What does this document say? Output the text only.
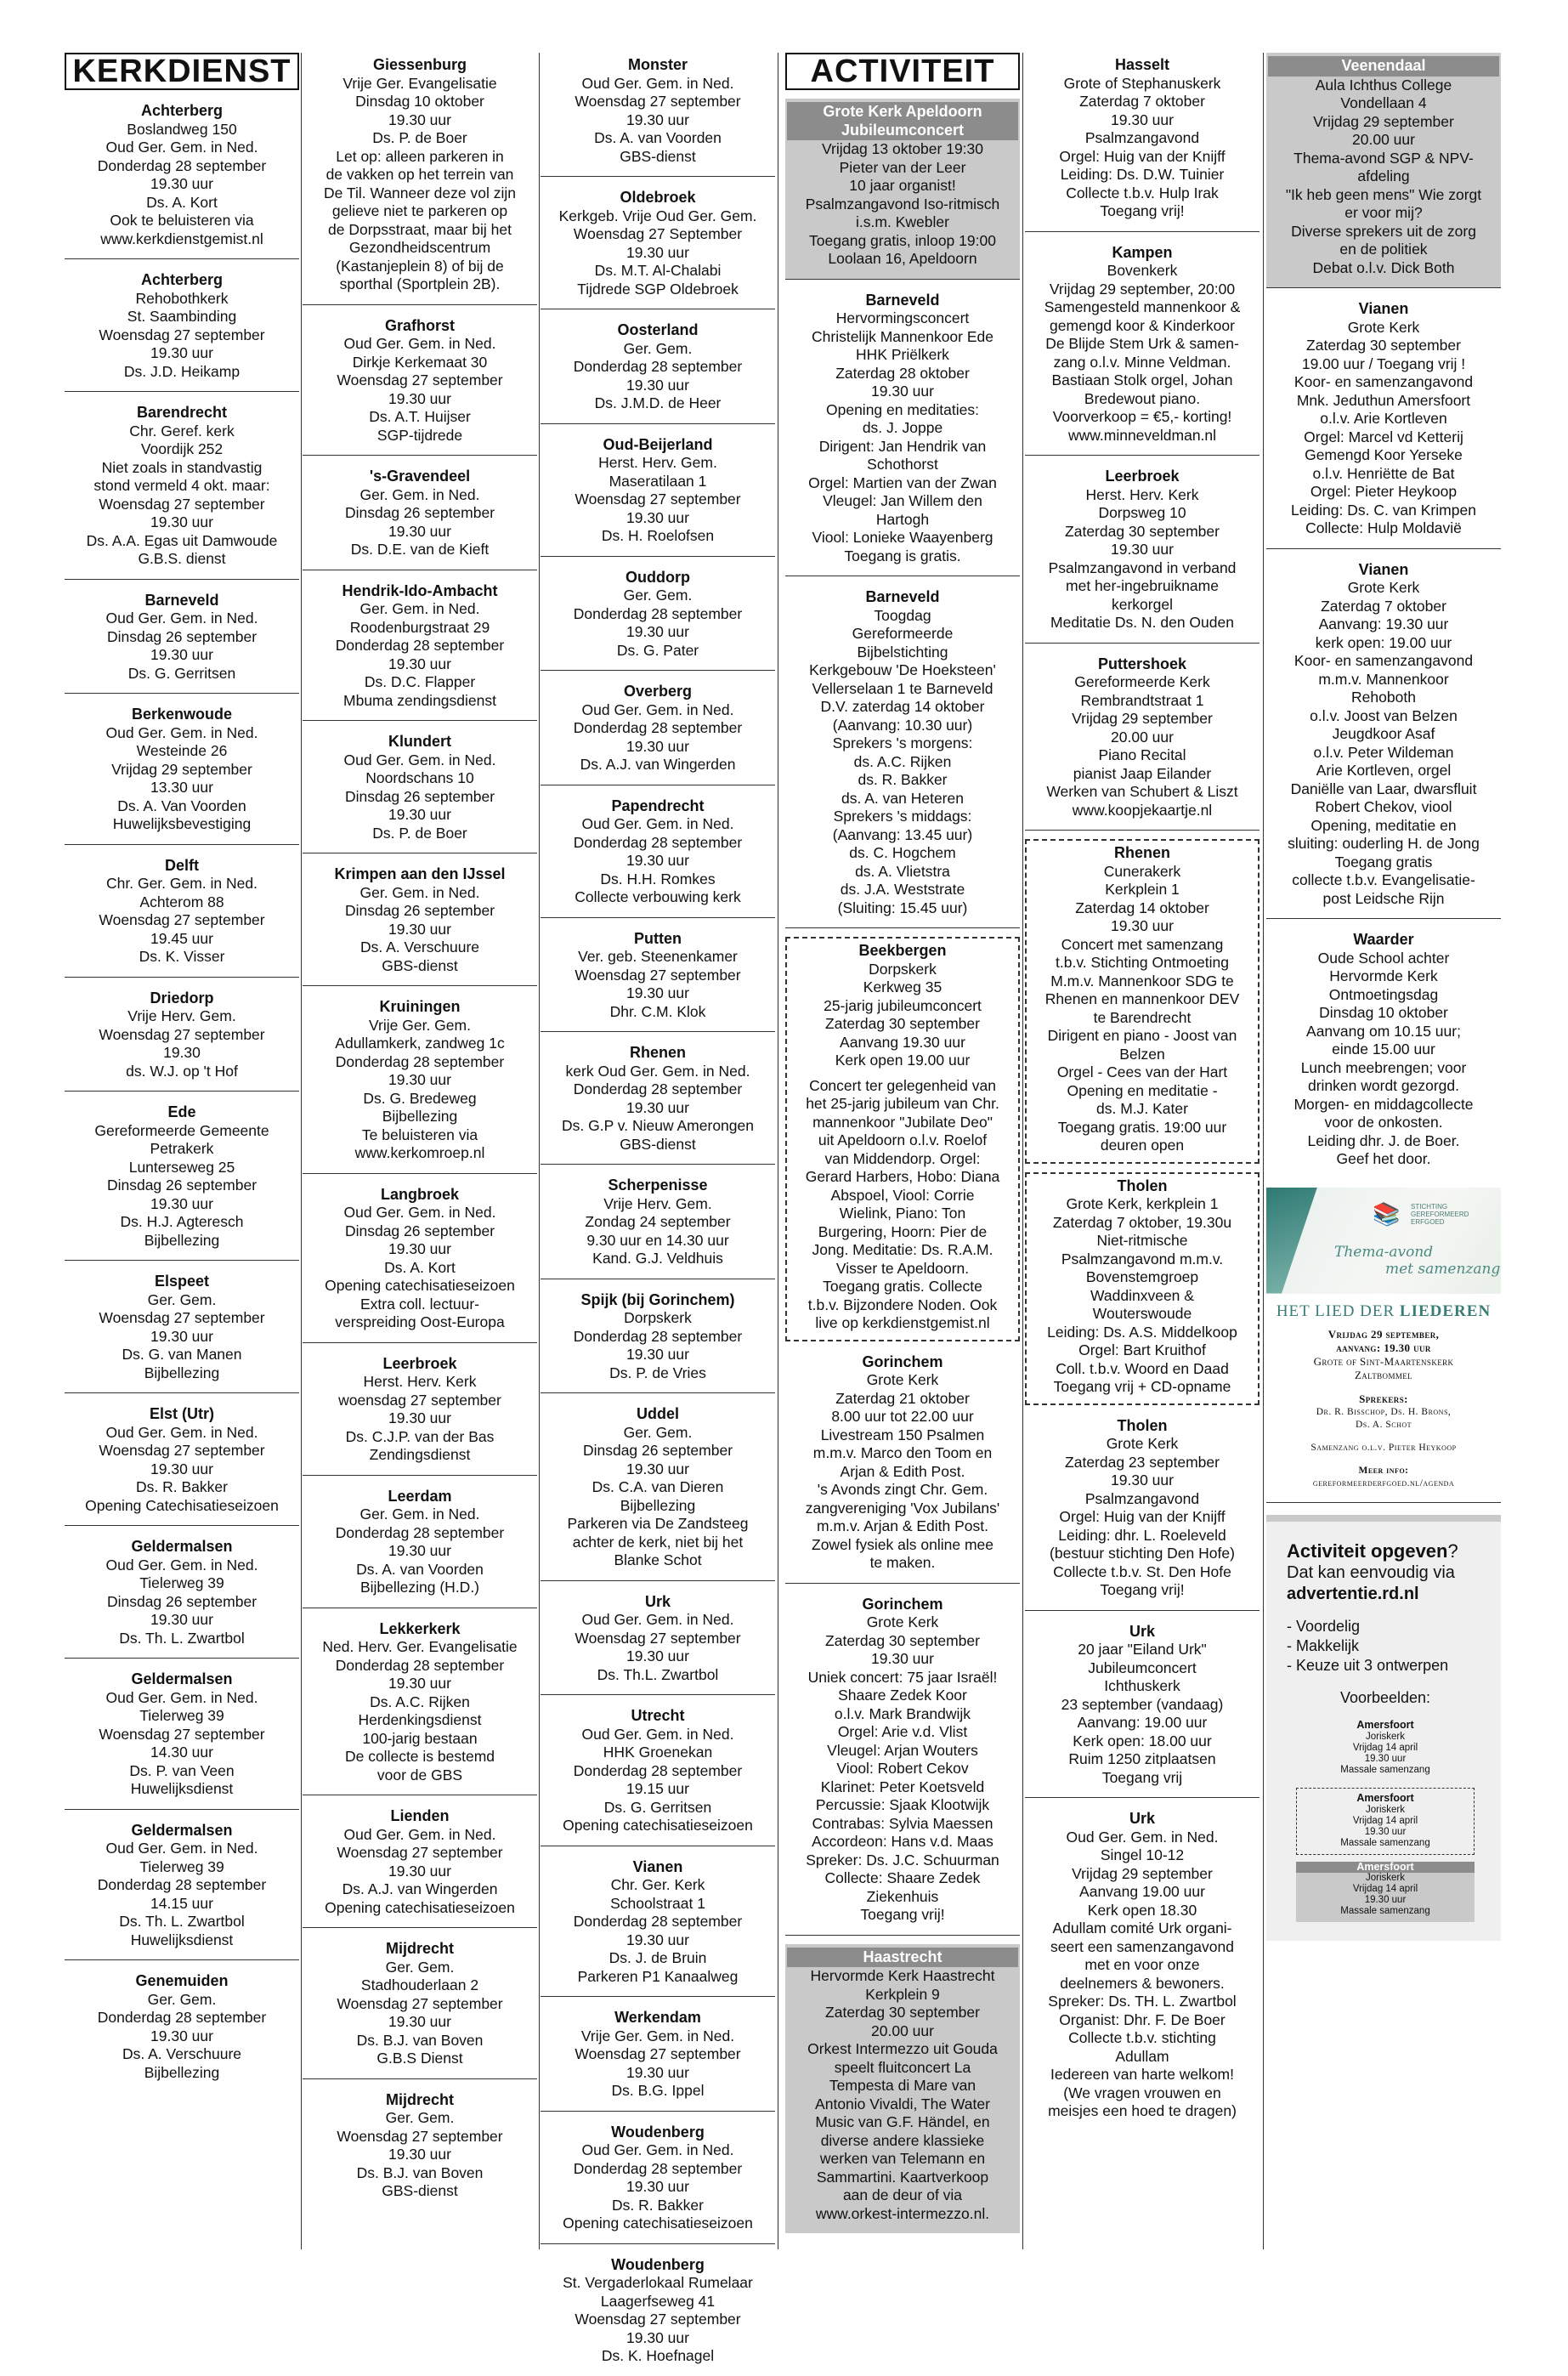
KERKDIENST
Achterberg
Boslandweg 150
Oud Ger. Gem. in Ned.
Donderdag 28 september
19.30 uur
Ds. A. Kort
Ook te beluisteren via
www.kerkdienstgemist.nl
Achterberg
Rehobothkerk
St. Saambinding
Woensdag 27 september
19.30 uur
Ds. J.D. Heikamp
Barendrecht
Chr. Geref. kerk
Voordijk 252
Niet zoals in standvastig
stond vermeld 4 okt. maar:
Woensdag 27 september
19.30 uur
Ds. A.A. Egas uit Damwoude
G.B.S. dienst
Barneveld
Oud Ger. Gem. in Ned.
Dinsdag 26 september
19.30 uur
Ds. G. Gerritsen
Berkenwoude
Oud Ger. Gem. in Ned.
Westeinde 26
Vrijdag 29 september
13.30 uur
Ds. A. Van Voorden
Huwelijksbevestiging
Delft
Chr. Ger. Gem. in Ned.
Achterom 88
Woensdag 27 september
19.45 uur
Ds. K. Visser
Driedorp
Vrije Herv. Gem.
Woensdag 27 september
19.30
ds. W.J. op 't Hof
Ede
Gereformeerde Gemeente
Petrakerk
Lunterseweg 25
Dinsdag 26 september
19.30 uur
Ds. H.J. Agteresch
Bijbellezing
Elspeet
Ger. Gem.
Woensdag 27 september
19.30 uur
Ds. G. van Manen
Bijbellezing
Elst (Utr)
Oud Ger. Gem. in Ned.
Woensdag 27 september
19.30 uur
Ds. R. Bakker
Opening Catechisatieseizoen
Geldermalsen
Oud Ger. Gem. in Ned.
Tielerweg 39
Dinsdag 26 september
19.30 uur
Ds. Th. L. Zwartbol
Geldermalsen
Oud Ger. Gem. in Ned.
Tielerweg 39
Woensdag 27 september
14.30 uur
Ds. P. van Veen
Huwelijksdienst
Geldermalsen
Oud Ger. Gem. in Ned.
Tielerweg 39
Donderdag 28 september
14.15 uur
Ds. Th. L. Zwartbol
Huwelijksdienst
Genemuiden
Ger. Gem.
Donderdag 28 september
19.30 uur
Ds. A. Verschuure
Bijbellezing
Giessenburg
Vrije Ger. Evangelisatie
Dinsdag 10 oktober
19.30 uur
Ds. P. de Boer
Let op: alleen parkeren in
de vakken op het terrein van
De Til. Wanneer deze vol zijn
gelieve niet te parkeren op
de Dorpsstraat, maar bij het
Gezondheidscentrum
(Kastanjeplein 8) of bij de
sporthal (Sportplein 2B).
Grafhorst
Oud Ger. Gem. in Ned.
Dirkje Kerkemaat 30
Woensdag 27 september
19.30 uur
Ds. A.T. Huijser
SGP-tijdrede
's-Gravendeel
Ger. Gem. in Ned.
Dinsdag 26 september
19.30 uur
Ds. D.E. van de Kieft
Hendrik-Ido-Ambacht
Ger. Gem. in Ned.
Roodenburgstraat 29
Donderdag 28 september
19.30 uur
Ds. D.C. Flapper
Mbuma zendingsdienst
Klundert
Oud Ger. Gem. in Ned.
Noordschans 10
Dinsdag 26 september
19.30 uur
Ds. P. de Boer
Krimpen aan den IJssel
Ger. Gem. in Ned.
Dinsdag 26 september
19.30 uur
Ds. A. Verschuure
GBS-dienst
Kruiningen
Vrije Ger. Gem.
Adullamkerk, zandweg 1c
Donderdag 28 september
19.30 uur
Ds. G. Bredeweg
Bijbellezing
Te beluisteren via
www.kerkomroep.nl
Langbroek
Oud Ger. Gem. in Ned.
Dinsdag 26 september
19.30 uur
Ds. A. Kort
Opening catechisatieseizoen
Extra coll. lectuur-
verspreiding Oost-Europa
Leerbroek
Herst. Herv. Kerk
woensdag 27 september
19.30 uur
Ds. C.J.P. van der Bas
Zendingsdienst
Leerdam
Ger. Gem. in Ned.
Donderdag 28 september
19.30 uur
Ds. A. van Voorden
Bijbellezing (H.D.)
Lekkerkerk
Ned. Herv. Ger. Evangelisatie
Donderdag 28 september
19.30 uur
Ds. A.C. Rijken
Herdenkingsdienst
100-jarig bestaan
De collecte is bestemd
voor de GBS
Lienden
Oud Ger. Gem. in Ned.
Woensdag 27 september
19.30 uur
Ds. A.J. van Wingerden
Opening catechisatieseizoen
Mijdrecht
Ger. Gem.
Stadhouderlaan 2
Woensdag 27 september
19.30 uur
Ds. B.J. van Boven
G.B.S Dienst
Mijdrecht
Ger. Gem.
Woensdag 27 september
19.30 uur
Ds. B.J. van Boven
GBS-dienst
Monster
Oud Ger. Gem. in Ned.
Woensdag 27 september
19.30 uur
Ds. A. van Voorden
GBS-dienst
Oldebroek
Kerkgeb. Vrije Oud Ger. Gem.
Woensdag 27 September
19.30 uur
Ds. M.T. Al-Chalabi
Tijdrede SGP Oldebroek
Oosterland
Ger. Gem.
Donderdag 28 september
19.30 uur
Ds. J.M.D. de Heer
Oud-Beijerland
Herst. Herv. Gem.
Maseratilaan 1
Woensdag 27 september
19.30 uur
Ds. H. Roelofsen
Ouddorp
Ger. Gem.
Donderdag 28 september
19.30 uur
Ds. G. Pater
Overberg
Oud Ger. Gem. in Ned.
Donderdag 28 september
19.30 uur
Ds. A.J. van Wingerden
Papendrecht
Oud Ger. Gem. in Ned.
Donderdag 28 september
19.30 uur
Ds. H.H. Romkes
Collecte verbouwing kerk
Putten
Ver. geb. Steenenkamer
Woensdag 27 september
19.30 uur
Dhr. C.M. Klok
Rhenen
kerk Oud Ger. Gem. in Ned.
Donderdag 28 september
19.30 uur
Ds. G.P v. Nieuw Amerongen
GBS-dienst
Scherpenisse
Vrije Herv. Gem.
Zondag 24 september
9.30 uur en 14.30 uur
Kand. G.J. Veldhuis
Spijk (bij Gorinchem)
Dorpskerk
Donderdag 28 september
19.30 uur
Ds. P. de Vries
Uddel
Ger. Gem.
Dinsdag 26 september
19.30 uur
Ds. C.A. van Dieren
Bijbellezing
Parkeren via De Zandsteeg
achter de kerk, niet bij het
Blanke Schot
Urk
Oud Ger. Gem. in Ned.
Woensdag 27 september
19.30 uur
Ds. Th.L. Zwartbol
Utrecht
Oud Ger. Gem. in Ned.
HHK Groenekan
Donderdag 28 september
19.15 uur
Ds. G. Gerritsen
Opening catechisatieseizoen
Vianen
Chr. Ger. Kerk
Schoolstraat 1
Donderdag 28 september
19.30 uur
Ds. J. de Bruin
Parkeren P1 Kanaalweg
Werkendam
Vrije Ger. Gem. in Ned.
Woensdag 27 september
19.30 uur
Ds. B.G. Ippel
Woudenberg
Oud Ger. Gem. in Ned.
Donderdag 28 september
19.30 uur
Ds. R. Bakker
Opening catechisatieseizoen
Woudenberg
St. Vergaderlokaal Rumelaar
Laagerfseweg 41
Woensdag 27 september
19.30 uur
Ds. K. Hoefnagel
ACTIVITEIT
Grote Kerk Apeldoorn Jubileumconcert
Vrijdag 13 oktober 19:30
Pieter van der Leer
10 jaar organist!
Psalmzangavond Iso-ritmisch
i.s.m. Kwebler
Toegang gratis, inloop 19:00
Loolaan 16, Apeldoorn
Barneveld
Hervormingsconcert
Christelijk Mannenkoor Ede
HHK Priëlkerk
Zaterdag 28 oktober
19.30 uur
Opening en meditaties:
ds. J. Joppe
Dirigent: Jan Hendrik van
Schothorst
Orgel: Martien van der Zwan
Vleugel: Jan Willem den
Hartogh
Viool: Lonieke Waayenberg
Toegang is gratis.
Barneveld
Toogdag
Gereformeerde
Bijbelstichting
Kerkgebouw 'De Hoeksteen'
Vellerselaan 1 te Barneveld
D.V. zaterdag 14 oktober
(Aanvang: 10.30 uur)
Sprekers 's morgens:
ds. A.C. Rijken
ds. R. Bakker
ds. A. van Heteren
Sprekers 's middags:
(Aanvang: 13.45 uur)
ds. C. Hogchem
ds. A. Vlietstra
ds. J.A. Weststrate
(Sluiting: 15.45 uur)
Beekbergen
Dorpskerk
Kerkweg 35
25-jarig jubileumconcert
Zaterdag 30 september
Aanvang 19.30 uur
Kerk open 19.00 uur

Concert ter gelegenheid van
het 25-jarig jubileum van Chr.
mannenkoor "Jubilate Deo"
uit Apeldoorn o.l.v. Roelof
van Middendorp. Orgel:
Gerard Harbers, Hobo: Diana
Abspoel, Viool: Corrie
Wielink, Piano: Ton
Burgering, Hoorn: Pier de
Jong. Meditatie: Ds. R.A.M.
Visser te Apeldoorn.
Toegang gratis. Collecte
t.b.v. Bijzondere Noden. Ook
live op kerkdienstgemist.nl
Gorinchem
Grote Kerk
Zaterdag 21 oktober
8.00 uur tot 22.00 uur
Livestream 150 Psalmen
m.m.v. Marco den Toom en
Arjan & Edith Post.
's Avonds zingt Chr. Gem.
zangvereniging 'Vox Jubilans'
m.m.v. Arjan & Edith Post.
Zowel fysiek als online mee
te maken.
Gorinchem
Grote Kerk
Zaterdag 30 september
19.30 uur
Uniek concert: 75 jaar Israël!
Shaare Zedek Koor
o.l.v. Mark Brandwijk
Orgel: Arie v.d. Vlist
Vleugel: Arjan Wouters
Viool: Robert Cekov
Klarinet: Peter Koetsveld
Percussie: Sjaak Klootwijk
Contrabas: Sylvia Maessen
Accordeon: Hans v.d. Maas
Spreker: Ds. J.C. Schuurman
Collecte: Shaare Zedek
Ziekenhuis
Toegang vrij!
Haastrecht
Hervormde Kerk Haastrecht
Kerkplein 9
Zaterdag 30 september
20.00 uur
Orkest Intermezzo uit Gouda
speelt fluitconcert La
Tempesta di Mare van
Antonio Vivaldi, The Water
Music van G.F. Händel, en
diverse andere klassieke
werken van Telemann en
Sammartini. Kaartverkoop
aan de deur of via
www.orkest-intermezzo.nl.
Hasselt
Grote of Stephanuskerk
Zaterdag 7 oktober
19.30 uur
Psalmzangavond
Orgel: Huig van der Knijff
Leiding: Ds. D.W. Tuinier
Collecte t.b.v. Hulp Irak
Toegang vrij!
Kampen
Bovenkerk
Vrijdag 29 september, 20:00
Samengesteld mannenkoor &
gemengd koor & Kinderkoor
De Blijde Stem Urk & samen-
zang o.l.v. Minne Veldman.
Bastiaan Stolk orgel, Johan
Bredewout piano.
Voorverkoop = €5,- korting!
www.minneveldman.nl
Leerbroek
Herst. Herv. Kerk
Dorpsweg 10
Zaterdag 30 september
19.30 uur
Psalmzangavond in verband
met her-ingebruikname
kerkorgel
Meditatie Ds. N. den Ouden
Puttershoek
Gereformeerde Kerk
Rembrandtstraat 1
Vrijdag 29 september
20.00 uur
Piano Recital
pianist Jaap Eilander
Werken van Schubert & Liszt
www.koopjekaartje.nl
Rhenen
Cunerakerk
Kerkplein 1
Zaterdag 14 oktober
19.30 uur
Concert met samenzang
t.b.v. Stichting Ontmoeting
M.m.v. Mannenkoor SDG te
Rhenen en mannenkoor DEV
te Barendrecht
Dirigent en piano - Joost van
Belzen
Orgel - Cees van der Hart
Opening en meditatie -
ds. M.J. Kater
Toegang gratis. 19:00 uur
deuren open
Tholen
Grote Kerk, kerkplein 1
Zaterdag 7 oktober, 19.30u
Niet-ritmische
Psalmzangavond m.m.v.
Bovenstemgroep
Waddinxveen &
Wouterswoude
Leiding: Ds. A.S. Middelkoop
Orgel: Bart Kruithof
Coll. t.b.v. Woord en Daad
Toegang vrij + CD-opname
Tholen
Grote Kerk
Zaterdag 23 september
19.30 uur
Psalmzangavond
Orgel: Huig van der Knijff
Leiding: dhr. L. Roeleveld
(bestuur stichting Den Hofe)
Collecte t.b.v. St. Den Hofe
Toegang vrij!
Urk
20 jaar "Eiland Urk"
Jubileumconcert
Ichthuskerk
23 september (vandaag)
Aanvang: 19.00 uur
Kerk open: 18.00 uur
Ruim 1250 zitplaatsen
Toegang vrij
Urk
Oud Ger. Gem. in Ned.
Singel 10-12
Vrijdag 29 september
Aanvang 19.00 uur
Kerk open 18.30
Adullam comité Urk organi-
seert een samenzangavond
met en voor onze
deelnemers & bewoners.
Spreker: Ds. TH. L. Zwartbol
Organist: Dhr. F. De Boer
Collecte t.b.v. stichting
Adullam
Iedereen van harte welkom!
(We vragen vrouwen en
meisjes een hoed te dragen)
Veenendaal
Aula Ichthus College
Vondellaan 4
Vrijdag 29 september
20.00 uur
Thema-avond SGP & NPV-
afdeling
"Ik heb geen mens" Wie zorgt
er voor mij?
Diverse sprekers uit de zorg
en de politiek
Debat o.l.v. Dick Both
Vianen
Grote Kerk
Zaterdag 30 september
19.00 uur / Toegang vrij !
Koor- en samenzangavond
Mnk. Jeduthun Amersfoort
o.l.v. Arie Kortleven
Orgel: Marcel vd Ketterij
Gemengd Koor Yerseke
o.l.v. Henriëtte de Bat
Orgel: Pieter Heykoop
Leiding: Ds. C. van Krimpen
Collecte: Hulp Moldavië
Vianen
Grote Kerk
Zaterdag 7 oktober
Aanvang: 19.30 uur
kerk open: 19.00 uur
Koor- en samenzangavond
m.m.v. Mannenkoor
Rehoboth
o.l.v. Joost van Belzen
Jeugdkoor Asaf
o.l.v. Peter Wildeman
Arie Kortleven, orgel
Daniëlle van Laar, dwarsfluit
Robert Chekov, viool
Opening, meditatie en
sluiting: ouderling H. de Jong
Toegang gratis
collecte t.b.v. Evangelisatie-
post Leidsche Rijn
Waarder
Oude School achter
Hervormde Kerk
Ontmoetingsdag
Dinsdag 10 oktober
Aanvang om 10.15 uur;
einde 15.00 uur
Lunch meebrengen; voor
drinken wordt gezorgd.
Morgen- en middagcollecte
voor de onkosten.
Leiding dhr. J. de Boer.
Geef het door.
📚 STICHTING GEREFORMEERD ERFGOED
Thema-avond
met samenzang
HET LIED DER LIEDEREN
Vrijdag 29 september,
aanvang: 19.30 uur
Grote of Sint-Maartenskerk
Zaltbommel
Sprekers:
Dr. R. Bisschop, Ds. H. Brons,
Ds. A. Schot
Samenzang o.l.v. Pieter Heykoop
Meer info:
gereformeerderfgoed.nl/agenda
Activiteit opgeven?
Dat kan eenvoudig via
advertentie.rd.nl
- Voordelig
- Makkelijk
- Keuze uit 3 ontwerpen
Voorbeelden:
Amersfoort
Joriskerk
Vrijdag 14 april
19.30 uur
Massale samenzang
Amersfoort
Joriskerk
Vrijdag 14 april
19.30 uur
Massale samenzang
Amersfoort
Joriskerk
Vrijdag 14 april
19.30 uur
Massale samenzang
